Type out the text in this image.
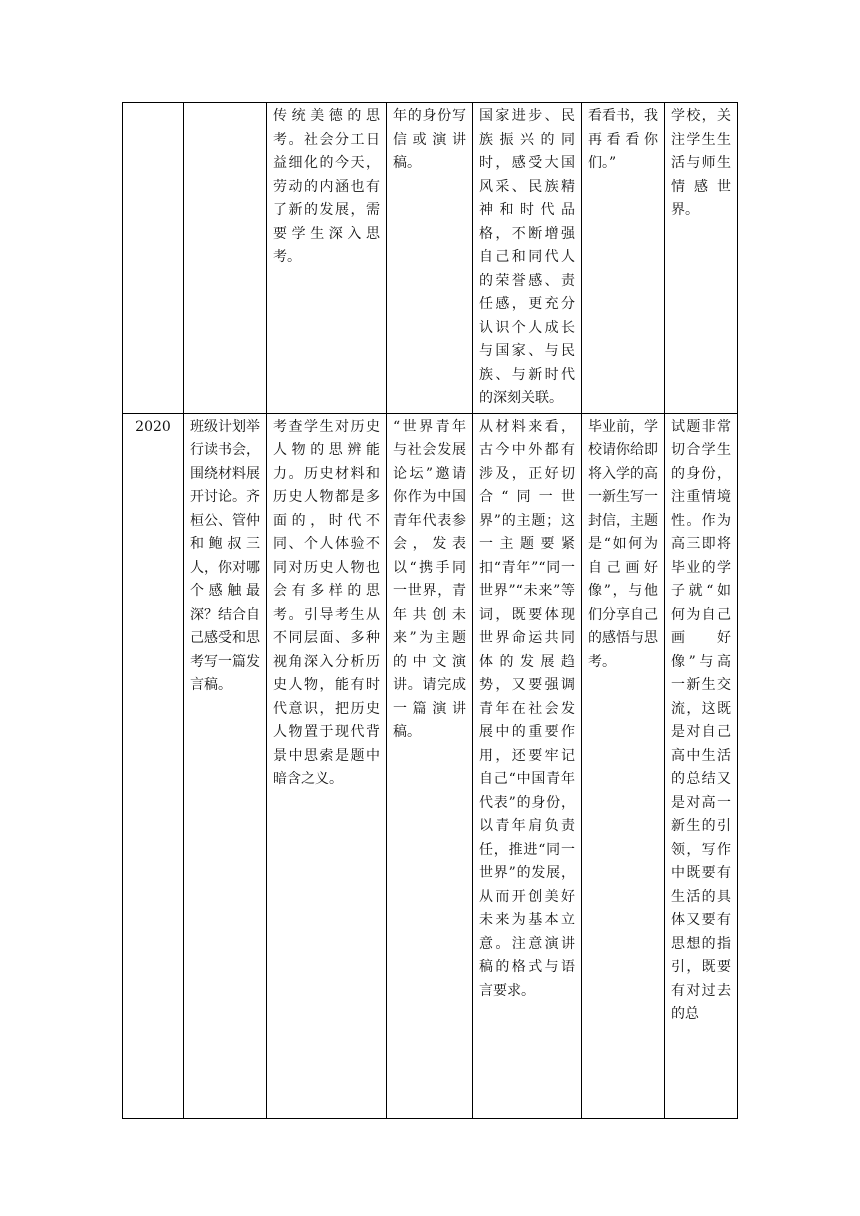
		传统美德的思考。社会分工日益细化的今天，劳动的内涵也有了新的发展，需要学生深入思考。	年的身份写信或演讲稿。	国家进步、民族振兴的同时，感受大国风采、民族精神和时代品格，不断增强自己和同代人的荣誉感、责任感，更充分认识个人成长与国家、与民族、与新时代的深刻关联。	看看书，我再看看你们。”	学校，关注学生生活与师生情感世界。
2020	班级计划举行读书会，围绕材料展开讨论。齐桓公、管仲和鲍叔三人，你对哪个感触最深？结合自己感受和思考写一篇发言稿。	考查学生对历史人物的思辨能力。历史材料和历史人物都是多面的，时代不同、个人体验不同对历史人物也会有多样的思考。引导考生从不同层面、多种视角深入分析历史人物，能有时代意识，把历史人物置于现代背景中思索是题中暗含之义。	“世界青年与社会发展论坛”邀请你作为中国青年代表参会，发表以“携手同一世界，青年共创未来”为主题的中文演讲。请完成一篇演讲稿。	从材料来看，古今中外都有涉及，正好切合“同一世界”的主题；这一主题要紧扣“青年”“同一世界”“未来”等词，既要体现世界命运共同体的发展趋势，又要强调青年在社会发展中的重要作用，还要牢记自己“中国青年代表”的身份，以青年肩负责任，推进“同一世界”的发展，从而开创美好未来为基本立意。注意演讲稿的格式与语言要求。	毕业前，学校请你给即将入学的高一新生写一封信，主题是“如何为自己画好像”，与他们分享自己的感悟与思考。	试题非常切合学生的身份，注重情境性。作为高三即将毕业的学子就“如何为自己画好像”与高一新生交流，这既是对自己高中生活的总结又是对高一新生的引领，写作中既要有生活的具体又要有思想的指引，既要有对过去的总
